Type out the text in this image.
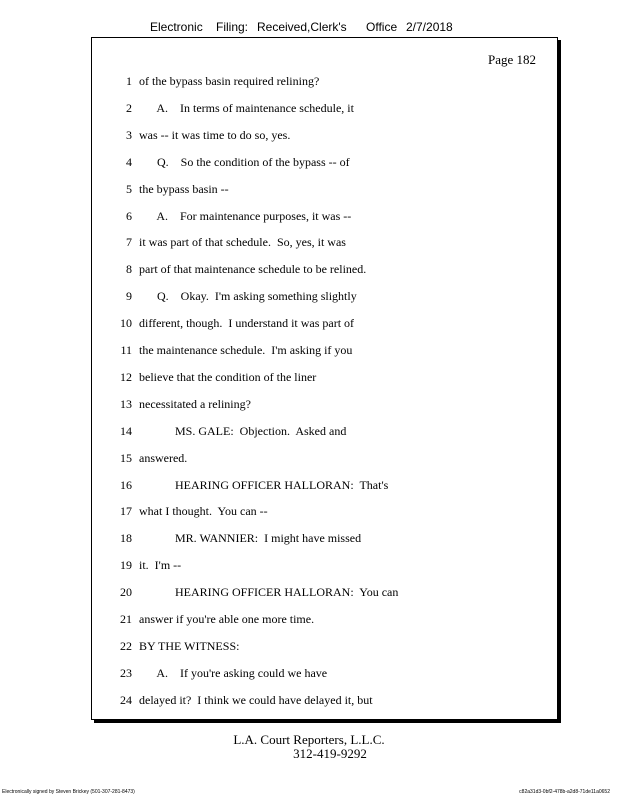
Electronic	Filing: Received,Clerk's	Office 2/7/2018
Page 182
1 of the bypass basin required relining?
2 A.    In terms of maintenance schedule, it
3 was -- it was time to do so, yes.
4 Q.    So the condition of the bypass -- of
5 the bypass basin --
6 A.    For maintenance purposes, it was --
7 it was part of that schedule.  So, yes, it was
8 part of that maintenance schedule to be relined.
9 Q.    Okay.  I'm asking something slightly
10 different, though.  I understand it was part of
11 the maintenance schedule.  I'm asking if you
12 believe that the condition of the liner
13 necessitated a relining?
14 MS. GALE:  Objection.  Asked and
15 answered.
16 HEARING OFFICER HALLORAN:  That's
17 what I thought.  You can --
18 MR. WANNIER:  I might have missed
19 it.  I'm --
20 HEARING OFFICER HALLORAN:  You can
21 answer if you're able one more time.
22 BY THE WITNESS:
23 A.    If you're asking could we have
24 delayed it?  I think we could have delayed it, but
L.A. Court Reporters, L.L.C.
312-419-9292
Electronically signed by Steven Brickey (501-307-281-8473)	c82a31d3-0bf2-478b-a2d8-71de11a0652
